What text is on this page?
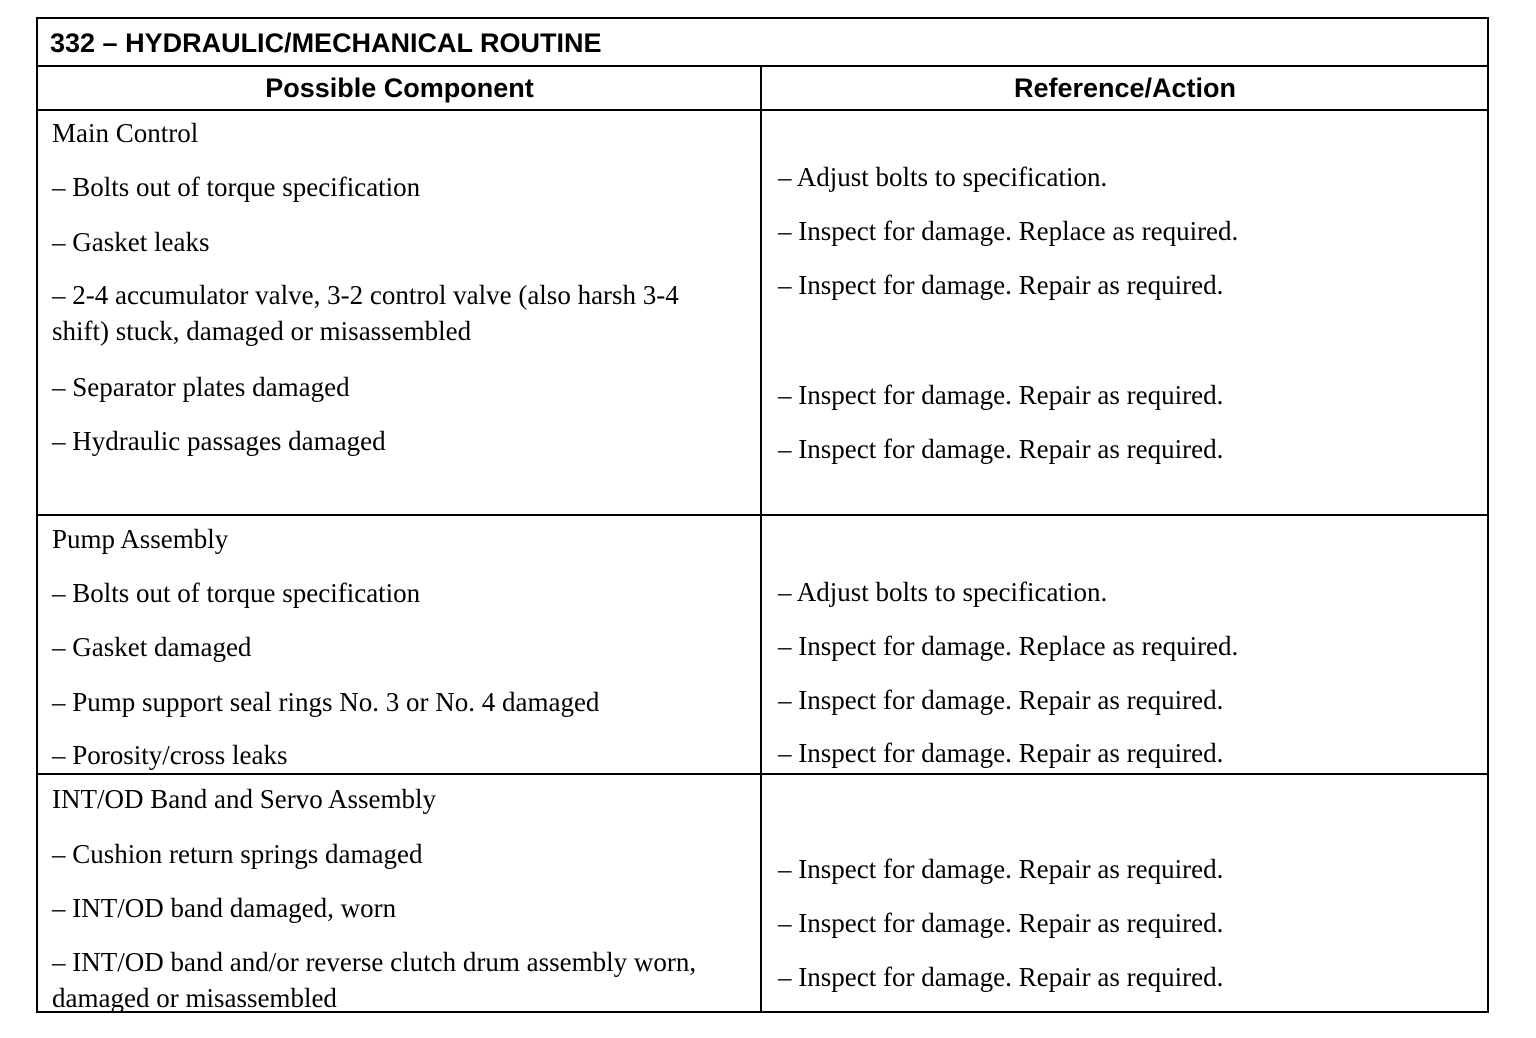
332 – HYDRAULIC/MECHANICAL ROUTINE
Possible Component	Reference/Action
Main Control
– Bolts out of torque specification
– Gasket leaks
– 2-4 accumulator valve, 3-2 control valve (also harsh 3-4 shift) stuck, damaged or misassembled
– Separator plates damaged
– Hydraulic passages damaged
– Adjust bolts to specification.
– Inspect for damage. Replace as required.
– Inspect for damage. Repair as required.
– Inspect for damage. Repair as required.
– Inspect for damage. Repair as required.
Pump Assembly
– Bolts out of torque specification
– Gasket damaged
– Pump support seal rings No. 3 or No. 4 damaged
– Porosity/cross leaks
– Adjust bolts to specification.
– Inspect for damage. Replace as required.
– Inspect for damage. Repair as required.
– Inspect for damage. Repair as required.
INT/OD Band and Servo Assembly
– Cushion return springs damaged
– INT/OD band damaged, worn
– INT/OD band and/or reverse clutch drum assembly worn, damaged or misassembled
– Inspect for damage. Repair as required.
– Inspect for damage. Repair as required.
– Inspect for damage. Repair as required.
